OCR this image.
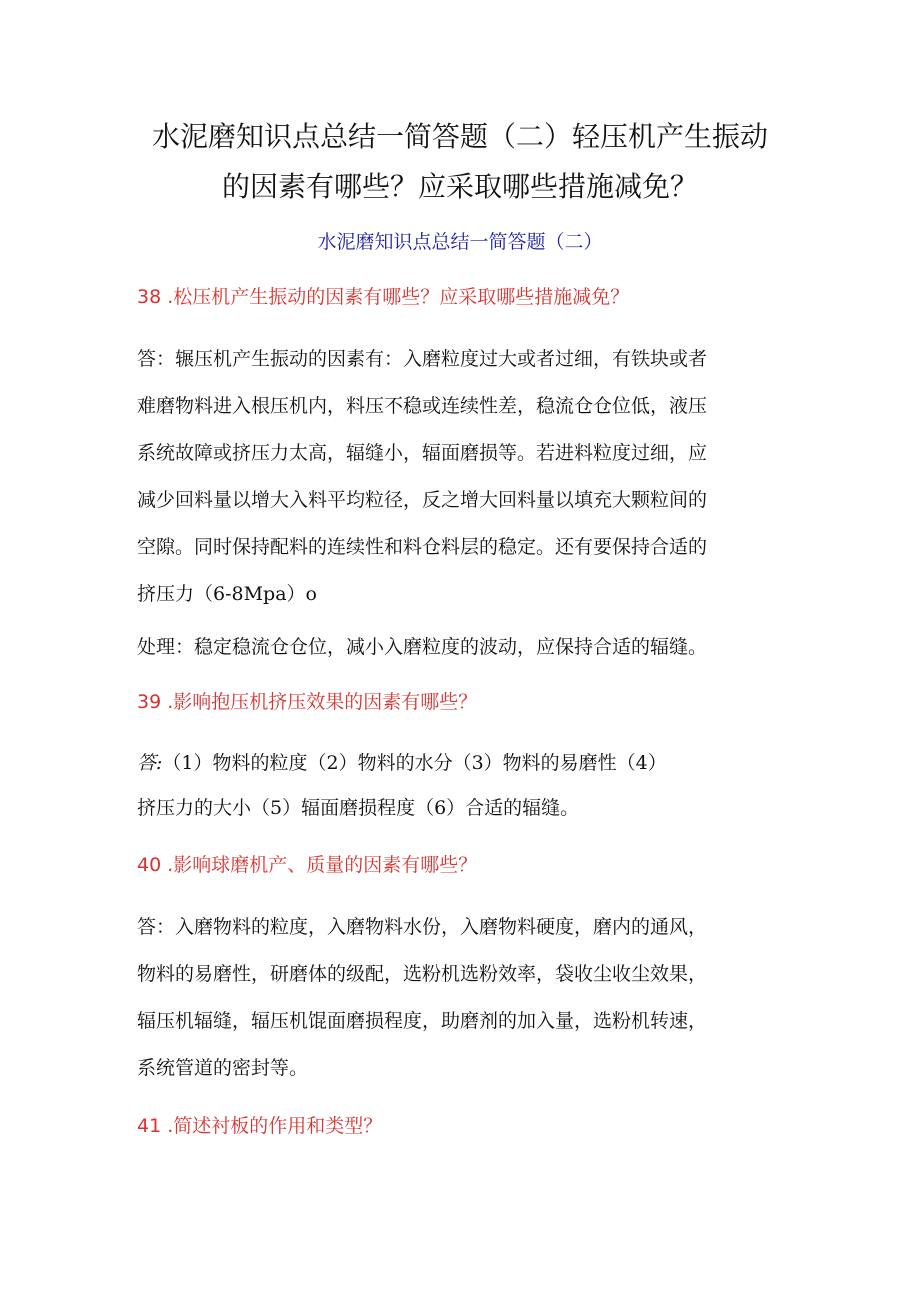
水泥磨知识点总结一简答题（二）轻压机产生振动
的因素有哪些？应采取哪些措施减免？
水泥磨知识点总结一简答题（二）
38 .松压机产生振动的因素有哪些？应采取哪些措施减免？
答：辗压机产生振动的因素有：入磨粒度过大或者过细，有铁块或者
难磨物料进入根压机内，料压不稳或连续性差，稳流仓仓位低，液压
系统故障或挤压力太高，辐缝小，辐面磨损等。若进料粒度过细，应
减少回料量以增大入料平均粒径，反之增大回料量以填充大颗粒间的
空隙。同时保持配料的连续性和料仓料层的稳定。还有要保持合适的
挤压力（6-8Mpa）o
处理：稳定稳流仓仓位，减小入磨粒度的波动，应保持合适的辐缝。
39 .影响抱压机挤压效果的因素有哪些？
答:（1）物料的粒度（2）物料的水分（3）物料的易磨性（4）
挤压力的大小（5）辐面磨损程度（6）合适的辐缝。
40 .影响球磨机产、质量的因素有哪些？
答：入磨物料的粒度，入磨物料水份，入磨物料硬度，磨内的通风，
物料的易磨性，研磨体的级配，选粉机选粉效率，袋收尘收尘效果，
辐压机辐缝，辐压机馄面磨损程度，助磨剂的加入量，选粉机转速，
系统管道的密封等。
41 .简述衬板的作用和类型？
